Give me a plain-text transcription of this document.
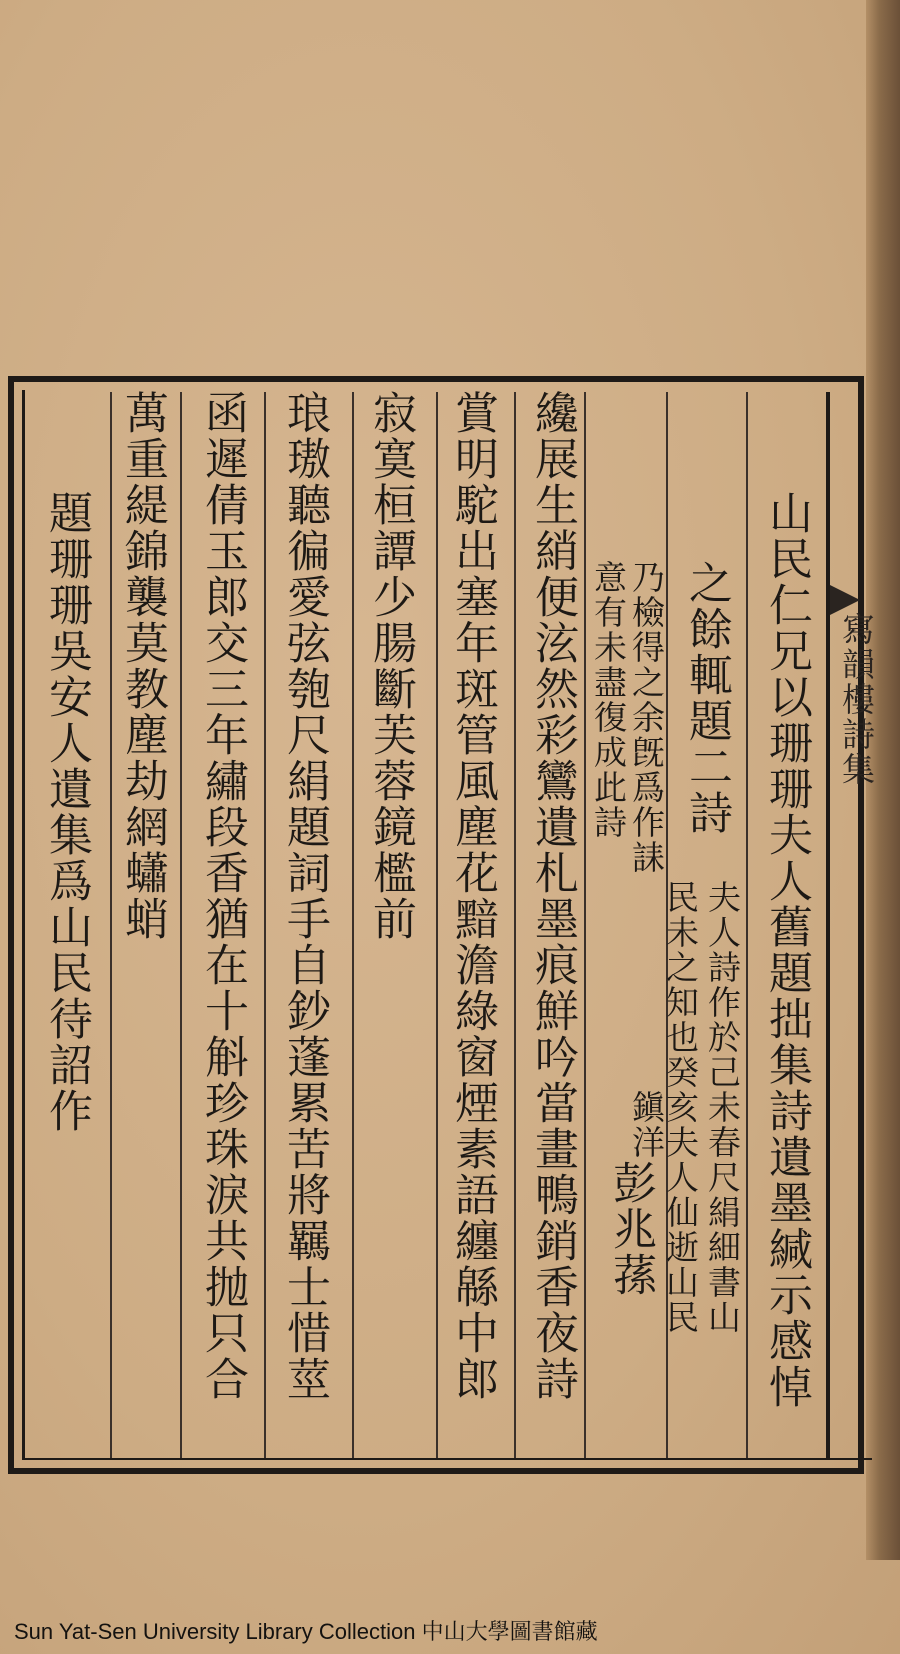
寫韻樓詩集
山民仁兄以珊珊夫人舊題拙集詩遺墨緘示感悼
之餘輒題二詩
夫人詩作於己未春尺絹細書山
民未之知也癸亥夫人仙逝山民
乃檢得之余旣爲作誄
意有未盡復成此詩
鎭洋
彭兆蓀
纔展生綃便泫然彩鸞遺札墨痕鮮吟當畫鴨銷香夜詩
賞明駝出塞年斑管風塵花黯澹綠窗煙素語纏緜中郎
寂寞桓譚少腸斷芙蓉鏡檻前
琅璈聽徧愛弦匏尺絹題詞手自鈔蓬累苦將羈士惜莖
函遲倩玉郎交三年繡段香猶在十斛珍珠淚共抛只合
萬重緹錦襲莫教塵劫網蠨蛸
題珊珊吳安人遺集爲山民待詔作
Sun Yat-Sen University Library Collection 中山大學圖書館藏
